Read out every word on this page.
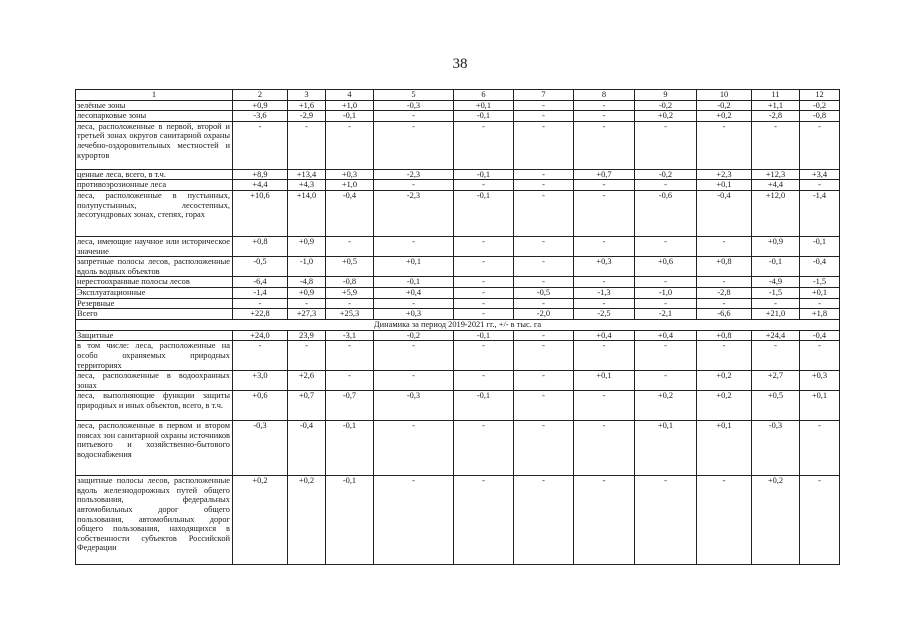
38
1	2	3	4	5	6	7	8	9	10	11	12
зелёные зоны	+0,9	+1,6	+1,0	-0,3	+0,1	-	-	-0,2	-0,2	+1,1	-0,2
лесопарковые зоны	-3,6	-2,9	-0,1	-	-0,1	-	-	+0,2	+0,2	-2,8	-0,8
леса, расположенные в первой, второй и третьей зонах округов санитарной охраны лечебно-оздоровительных местностей и курортов	-	-	-	-	-	-	-	-	-	-	-
ценные леса, всего, в т.ч.	+8,9	+13,4	+0,3	-2,3	-0,1	-	+0,7	-0,2	+2,3	+12,3	+3,4
противоэрозионные леса	+4,4	+4,3	+1,0	-	-	-	-	-	+0,1	+4,4	-
леса, расположенные в пустынных, полупустынных, лесостепных, лесотундровых зонах, степях, горах	+10,6	+14,0	-0,4	-2,3	-0,1	-	-	-0,6	-0,4	+12,0	-1,4
леса, имеющие научное или историческое значение	+0,8	+0,9	-	-	-	-	-	-	-	+0,9	-0,1
запретные полосы лесов, расположенные вдоль водных объектов	-0,5	-1,0	+0,5	+0,1	-	-	+0,3	+0,6	+0,8	-0,1	-0,4
нерестоохранные полосы лесов	-6,4	-4,8	-0,8	-0,1	-	-	-	-	-	-4,9	-1,5
Эксплуатационные	-1,4	+0,9	+5,9	+0,4	-	-0,5	-1,3	-1,0	-2,8	-1,5	+0,1
Резервные	-	-	-	-	-	-	-	-	-	-	-
Всего	+22,8	+27,3	+25,3	+0,3	-	-2,0	-2,5	-2,1	-6,6	+21,0	+1,8
Динамика за период 2019-2021 гг., +/- в тыс. га											
Защитные	+24,0	23,9	-3,1	-0,2	-0,1	-	+0,4	+0,4	+0,8	+24,4	-0,4
в том числе: леса, расположенные на особо охраняемых природных территориях	-	-	-	-	-	-	-	-	-	-	-
леса, расположенные в водоохранных зонах	+3,0	+2,6	-	-	-	-	+0,1	-	+0,2	+2,7	+0,3
леса, выполняющие функции защиты природных и иных объектов, всего, в т.ч.	+0,6	+0,7	-0,7	-0,3	-0,1	-	-	+0,2	+0,2	+0,5	+0,1
леса, расположенные в первом и втором поясах зон санитарной охраны источников питьевого и хозяйственно-бытового водоснабжения	-0,3	-0,4	-0,1	-	-	-	-	+0,1	+0,1	-0,3	-
защитные полосы лесов, расположенные вдоль железнодорожных путей общего пользования, федеральных автомобильных дорог общего пользования, автомобильных дорог общего пользования, находящихся в собственности субъектов Российской Федерации	+0,2	+0,2	-0,1	-	-	-	-	-	-	+0,2	-
